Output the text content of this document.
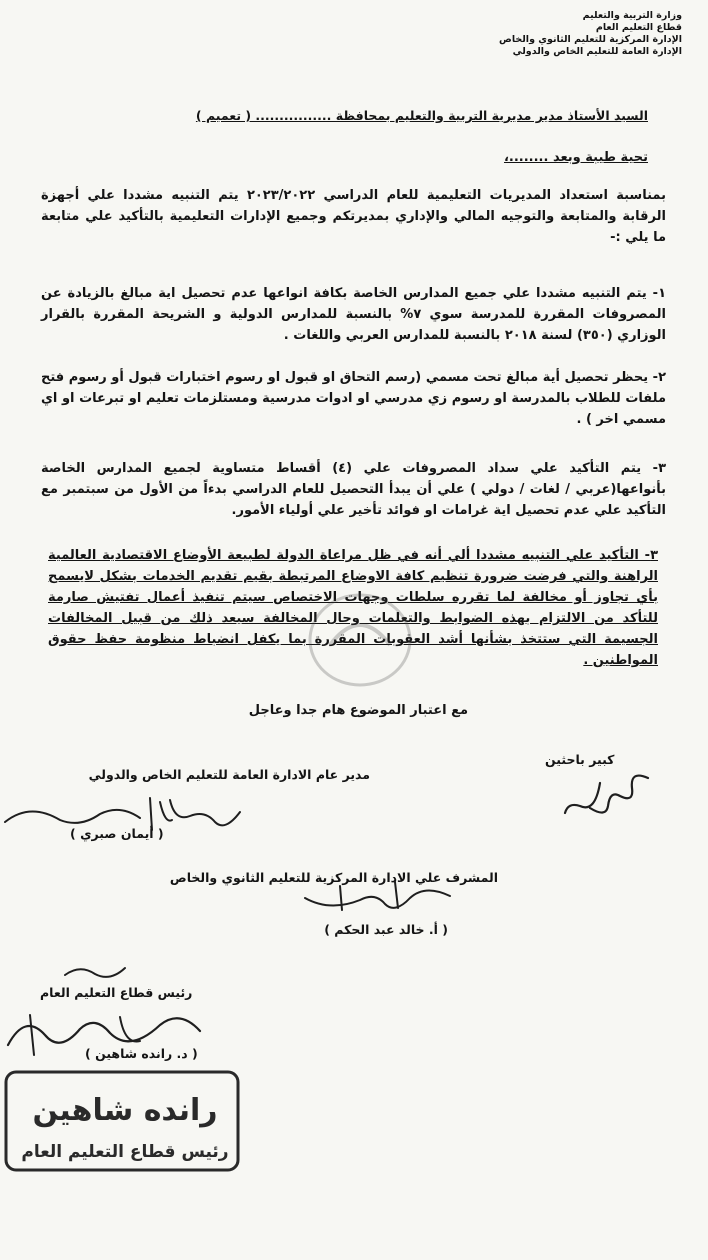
وزارة التربية والتعليم
قطاع التعليم العام
الإدارة المركزية للتعليم الثانوي والخاص
الإدارة العامة للتعليم الخاص والدولي
السيد الأستاذ مدير مديرية التربية والتعليم بمحافظة ................ ( تعميم )
تحية طيبة وبعد ........،
بمناسبة استعداد المديريات التعليمية للعام الدراسي ٢٠٢٣/٢٠٢٢ يتم التنبيه مشددا علي أجهزة الرقابة والمتابعة والتوجيه المالي والإداري بمديرتكم وجميع الإدارات التعليمية بالتأكيد علي متابعة ما يلي :-
١- يتم التنبيه مشددا علي جميع المدارس الخاصة بكافة انواعها عدم تحصيل اية مبالغ بالزيادة عن المصروفات المقررة للمدرسة سوي ٧% بالنسبة للمدارس الدولية و الشريحة المقررة بالقرار الوزاري (٣٥٠) لسنة ٢٠١٨ بالنسبة للمدارس العربي واللغات .
٢- يحظر تحصيل أية مبالغ تحت مسمي (رسم التحاق او قبول او رسوم اختبارات قبول أو رسوم فتح ملفات للطلاب بالمدرسة او رسوم زي مدرسي او ادوات مدرسية ومستلزمات تعليم او تبرعات او اي مسمي اخر ) .
٣- يتم التأكيد علي سداد المصروفات علي (٤) أقساط متساوية لجميع المدارس الخاصة بأنواعها(عربي / لغات / دولي ) علي أن يبدأ التحصيل للعام الدراسي بدءاً من الأول من سبتمبر مع التأكيد علي عدم تحصيل اية غرامات او فوائد تأخير علي أولياء الأمور.
٣- التأكيد علي التنبيه مشددا ألي أنه في ظل مراعاة الدولة لطبيعة الأوضاع الاقتصادية العالمية الراهنة والتي فرضت ضرورة تنظيم كافة الاوضاع المرتبطة بقيم تقديم الخدمات بشكل لايسمح بأي تجاوز أو مخالفة لما تقرره سلطات وجهات الاختصاص سيتم تنفيذ أعمال تفتيش صارمة للتأكد من الالتزام بهذه الضوابط والتعلمات وحال المخالفة سيعد ذلك من قبيل المخالفات الجسيمة التي ستتخذ بشأنها أشد العقوبات المقررة بما يكفل انضباط منظومة حفظ حقوق المواطنين .
مع اعتبار الموضوع هام جدا وعاجل
كبير باحثين
مدير عام الادارة العامة للتعليم الخاص والدولي
( أيمان صبري )
المشرف علي الادارة المركزية للتعليم الثانوي والخاص
( أ. خالد عبد الحكم )
رئيس قطاع التعليم العام
( د. رانده شاهين )
رانده شاهين
رئيس قطاع التعليم العام
